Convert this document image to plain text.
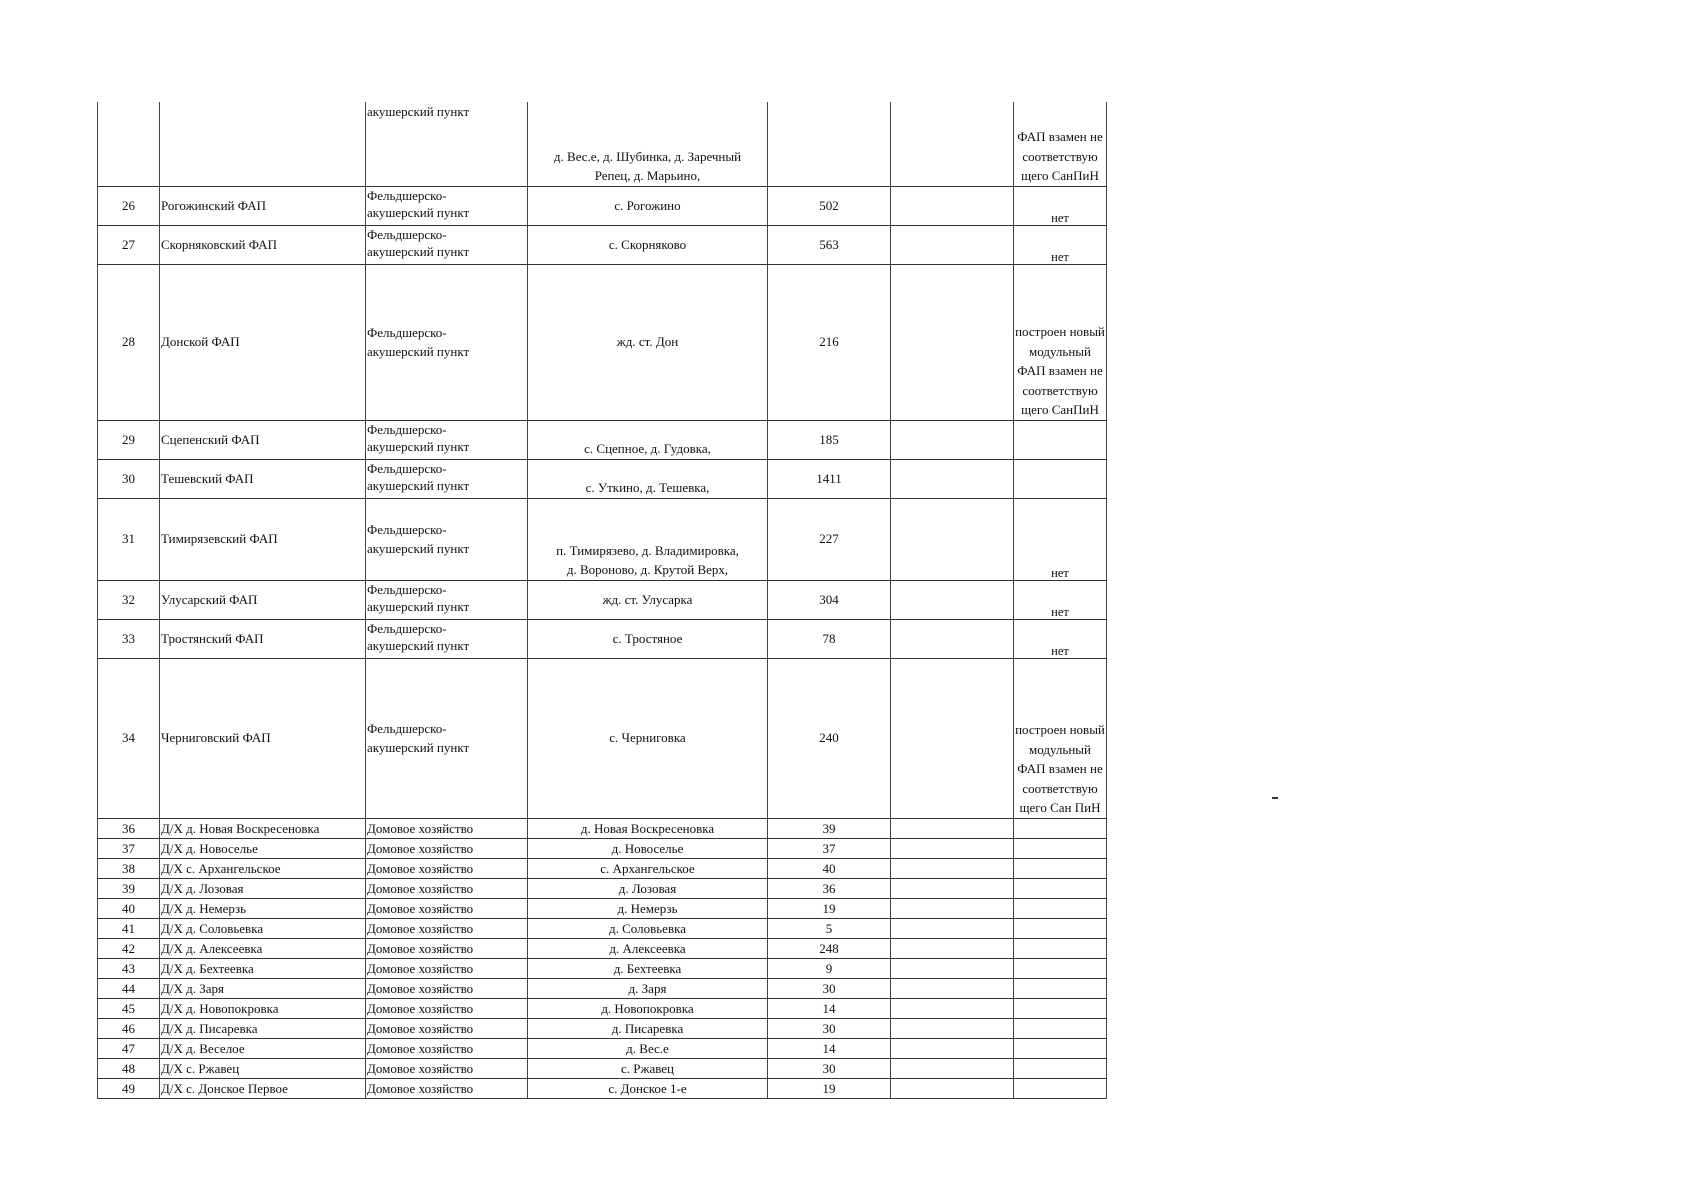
		акушерский пункт	д. Вес.е, д. Шубинка, д. Заречный
Репец, д. Марьино,			ФАП взамен не
соответствую
щего СанПиН

26	Рогожинский ФАП	Фельдшерско-
акушерский пункт	с. Рогожино	502		нет

27	Скорняковский ФАП	Фельдшерско-
акушерский пункт	с. Скорняково	563		нет

28	Донской ФАП	Фельдшерско-
акушерский пункт	жд. ст. Дон	216		построен новый
модульный
ФАП взамен не
соответствую
щего СанПиН

29	Сцепенский ФАП	Фельдшерско-
акушерский пункт	с. Сцепное, д. Гудовка,	185		
30	Тешевский ФАП	Фельдшерско-
акушерский пункт	с. Уткино, д. Тешевка,	1411		
31	Тимирязевский ФАП	Фельдшерско-
акушерский пункт	п. Тимирязево, д. Владимировка,
д. Вороново, д. Крутой Верх,	227		нет

32	Улусарский ФАП	Фельдшерско-
акушерский пункт	жд. ст. Улусарка	304		нет

33	Тростянский ФАП	Фельдшерско-
акушерский пункт	с. Тростяное	78		нет

34	Черниговский ФАП	Фельдшерско-
акушерский пункт	с. Черниговка	240		построен новый
модульный
ФАП взамен не
соответствую
щего Сан ПиН

36	Д/Х д. Новая Воскресеновка	Домовое хозяйство	д. Новая Воскресеновка	39		
37	Д/Х д. Новоселье	Домовое хозяйство	д. Новоселье	37		
38	Д/Х с. Архангельское	Домовое хозяйство	с. Архангельское	40		
39	Д/Х д. Лозовая	Домовое хозяйство	д. Лозовая	36		
40	Д/Х д. Немерзь	Домовое хозяйство	д. Немерзь	19		
41	Д/Х д. Соловьевка	Домовое хозяйство	д. Соловьевка	5		
42	Д/Х д. Алексеевка	Домовое хозяйство	д. Алексеевка	248		
43	Д/Х д. Бехтеевка	Домовое хозяйство	д. Бехтеевка	9		
44	Д/Х д. Заря	Домовое хозяйство	д. Заря	30		
45	Д/Х д. Новопокровка	Домовое хозяйство	д. Новопокровка	14		
46	Д/Х д. Писаревка	Домовое хозяйство	д. Писаревка	30		
47	Д/Х д. Веселое	Домовое хозяйство	д. Вес.е	14		
48	Д/Х с. Ржавец	Домовое хозяйство	с. Ржавец	30		
49	Д/Х с. Донское Первое	Домовое хозяйство	с. Донское 1-е	19		
